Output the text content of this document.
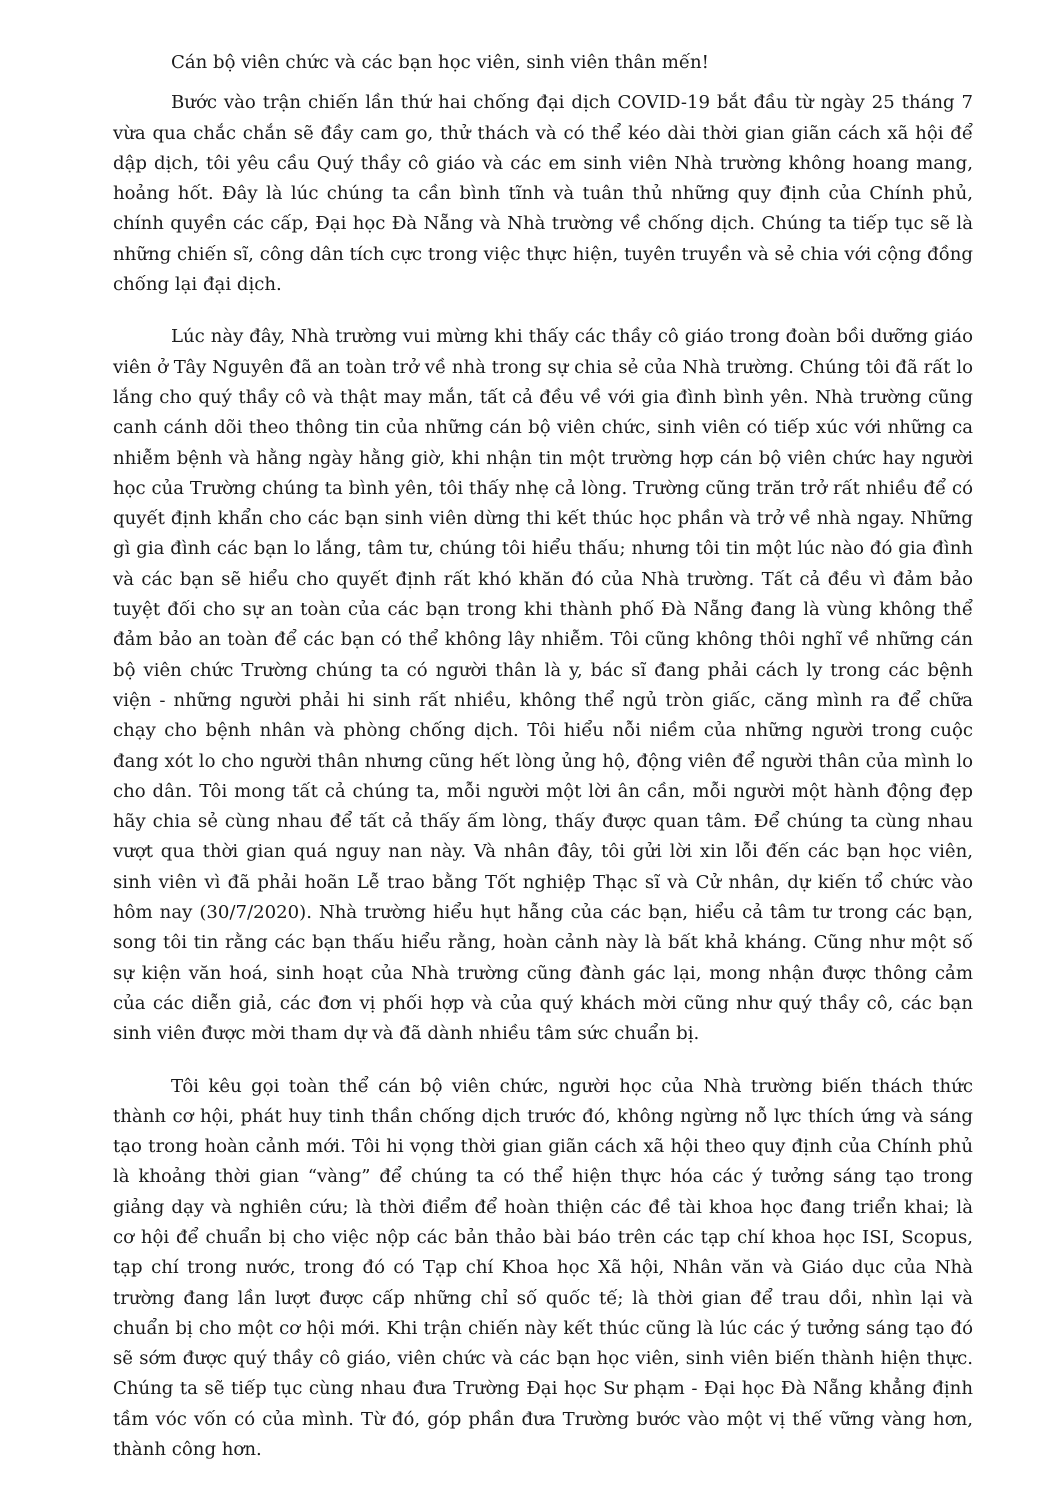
Cán bộ viên chức và các bạn học viên, sinh viên thân mến!

Bước vào trận chiến lần thứ hai chống đại dịch COVID-19 bắt đầu từ ngày 25 tháng 7 vừa qua chắc chắn sẽ đầy cam go, thử thách và có thể kéo dài thời gian giãn cách xã hội để dập dịch, tôi yêu cầu Quý thầy cô giáo và các em sinh viên Nhà trường không hoang mang, hoảng hốt. Đây là lúc chúng ta cần bình tĩnh và tuân thủ những quy định của Chính phủ, chính quyền các cấp, Đại học Đà Nẵng và Nhà trường về chống dịch. Chúng ta tiếp tục sẽ là những chiến sĩ, công dân tích cực trong việc thực hiện, tuyên truyền và sẻ chia với cộng đồng chống lại đại dịch.

Lúc này đây, Nhà trường vui mừng khi thấy các thầy cô giáo trong đoàn bồi dưỡng giáo viên ở Tây Nguyên đã an toàn trở về nhà trong sự chia sẻ của Nhà trường. Chúng tôi đã rất lo lắng cho quý thầy cô và thật may mắn, tất cả đều về với gia đình bình yên. Nhà trường cũng canh cánh dõi theo thông tin của những cán bộ viên chức, sinh viên có tiếp xúc với những ca nhiễm bệnh và hằng ngày hằng giờ, khi nhận tin một trường hợp cán bộ viên chức hay người học của Trường chúng ta bình yên, tôi thấy nhẹ cả lòng. Trường cũng trăn trở rất nhiều để có quyết định khẩn cho các bạn sinh viên dừng thi kết thúc học phần và trở về nhà ngay. Những gì gia đình các bạn lo lắng, tâm tư, chúng tôi hiểu thấu; nhưng tôi tin một lúc nào đó gia đình và các bạn sẽ hiểu cho quyết định rất khó khăn đó của Nhà trường. Tất cả đều vì đảm bảo tuyệt đối cho sự an toàn của các bạn trong khi thành phố Đà Nẵng đang là vùng không thể đảm bảo an toàn để các bạn có thể không lây nhiễm. Tôi cũng không thôi nghĩ về những cán bộ viên chức Trường chúng ta có người thân là y, bác sĩ đang phải cách ly trong các bệnh viện - những người phải hi sinh rất nhiều, không thể ngủ tròn giấc, căng mình ra để chữa chạy cho bệnh nhân và phòng chống dịch. Tôi hiểu nỗi niềm của những người trong cuộc đang xót lo cho người thân nhưng cũng hết lòng ủng hộ, động viên để người thân của mình lo cho dân. Tôi mong tất cả chúng ta, mỗi người một lời ân cần, mỗi người một hành động đẹp hãy chia sẻ cùng nhau để tất cả thấy ấm lòng, thấy được quan tâm. Để chúng ta cùng nhau vượt qua thời gian quá nguy nan này. Và nhân đây, tôi gửi lời xin lỗi đến các bạn học viên, sinh viên vì đã phải hoãn Lễ trao bằng Tốt nghiệp Thạc sĩ và Cử nhân, dự kiến tổ chức vào hôm nay (30/7/2020). Nhà trường hiểu hụt hẫng của các bạn, hiểu cả tâm tư trong các bạn, song tôi tin rằng các bạn thấu hiểu rằng, hoàn cảnh này là bất khả kháng. Cũng như một số sự kiện văn hoá, sinh hoạt của Nhà trường cũng đành gác lại, mong nhận được thông cảm của các diễn giả, các đơn vị phối hợp và của quý khách mời cũng như quý thầy cô, các bạn sinh viên được mời tham dự và đã dành nhiều tâm sức chuẩn bị.

Tôi kêu gọi toàn thể cán bộ viên chức, người học của Nhà trường biến thách thức thành cơ hội, phát huy tinh thần chống dịch trước đó, không ngừng nỗ lực thích ứng và sáng tạo trong hoàn cảnh mới. Tôi hi vọng thời gian giãn cách xã hội theo quy định của Chính phủ là khoảng thời gian “vàng” để chúng ta có thể hiện thực hóa các ý tưởng sáng tạo trong giảng dạy và nghiên cứu; là thời điểm để hoàn thiện các đề tài khoa học đang triển khai; là cơ hội để chuẩn bị cho việc nộp các bản thảo bài báo trên các tạp chí khoa học ISI, Scopus, tạp chí trong nước, trong đó có Tạp chí Khoa học Xã hội, Nhân văn và Giáo dục của Nhà trường đang lần lượt được cấp những chỉ số quốc tế; là thời gian để trau dồi, nhìn lại và chuẩn bị cho một cơ hội mới. Khi trận chiến này kết thúc cũng là lúc các ý tưởng sáng tạo đó sẽ sớm được quý thầy cô giáo, viên chức và các bạn học viên, sinh viên biến thành hiện thực. Chúng ta sẽ tiếp tục cùng nhau đưa Trường Đại học Sư phạm - Đại học Đà Nẵng khẳng định tầm vóc vốn có của mình. Từ đó, góp phần đưa Trường bước vào một vị thế vững vàng hơn, thành công hơn.
